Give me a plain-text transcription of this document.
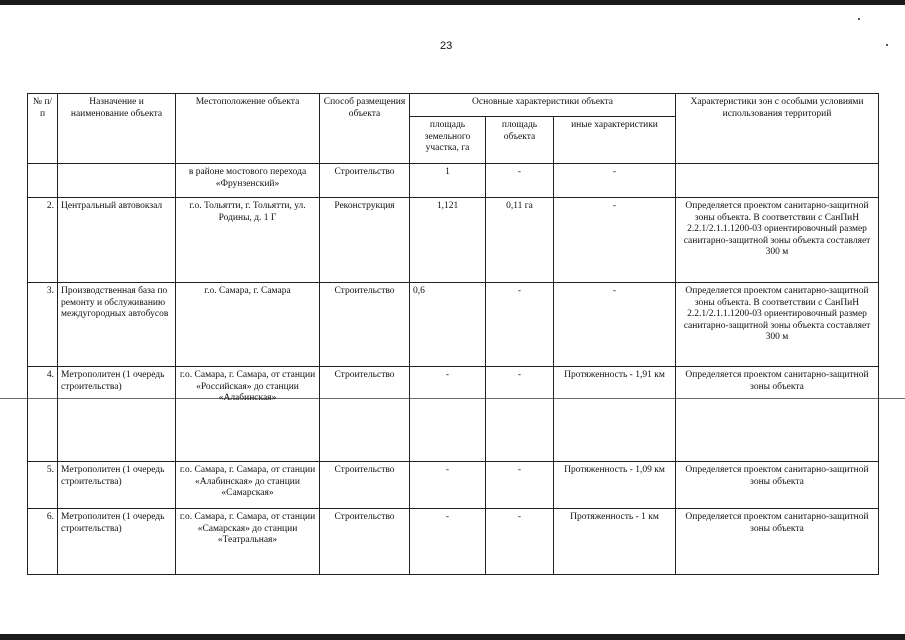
23
№ п/п	Назначение и наименование объекта	Местоположение объекта	Способ размещения объекта	Основные характеристики объекта			Характеристики зон с особыми условиями использования территорий
				площадь земельного участка, га	площадь объекта	иные характеристики	
		в районе мостового перехода «Фрунзенский»	Строительство	1	-	-	
2.	Центральный автовокзал	г.о. Тольятти, г. Тольятти, ул. Родины, д. 1 Г	Реконструкция	1,121	0,11 га	-	Определяется проектом санитарно-защитной зоны объекта. В соответствии с СанПиН 2.2.1/2.1.1.1200-03 ориентировочный размер санитарно-защитной зоны объекта составляет 300 м
3.	Производственная база по ремонту и обслуживанию междугородных автобусов	г.о. Самара, г. Самара	Строительство	0,6	-	-	Определяется проектом санитарно-защитной зоны объекта. В соответствии с СанПиН 2.2.1/2.1.1.1200-03 ориентировочный размер санитарно-защитной зоны объекта составляет 300 м
4.	Метрополитен (1 очередь строительства)	г.о. Самара, г. Самара, от станции «Российская» до станции «Алабинская»	Строительство	-	-	Протяженность - 1,91 км	Определяется проектом санитарно-защитной зоны объекта
5.	Метрополитен (1 очередь строительства)	г.о. Самара, г. Самара, от станции «Алабинская» до станции «Самарская»	Строительство	-	-	Протяженность - 1,09 км	Определяется проектом санитарно-защитной зоны объекта
6.	Метрополитен (1 очередь строительства)	г.о. Самара, г. Самара, от станции «Самарская» до станции «Театральная»	Строительство	-	-	Протяженность - 1 км	Определяется проектом санитарно-защитной зоны объекта
